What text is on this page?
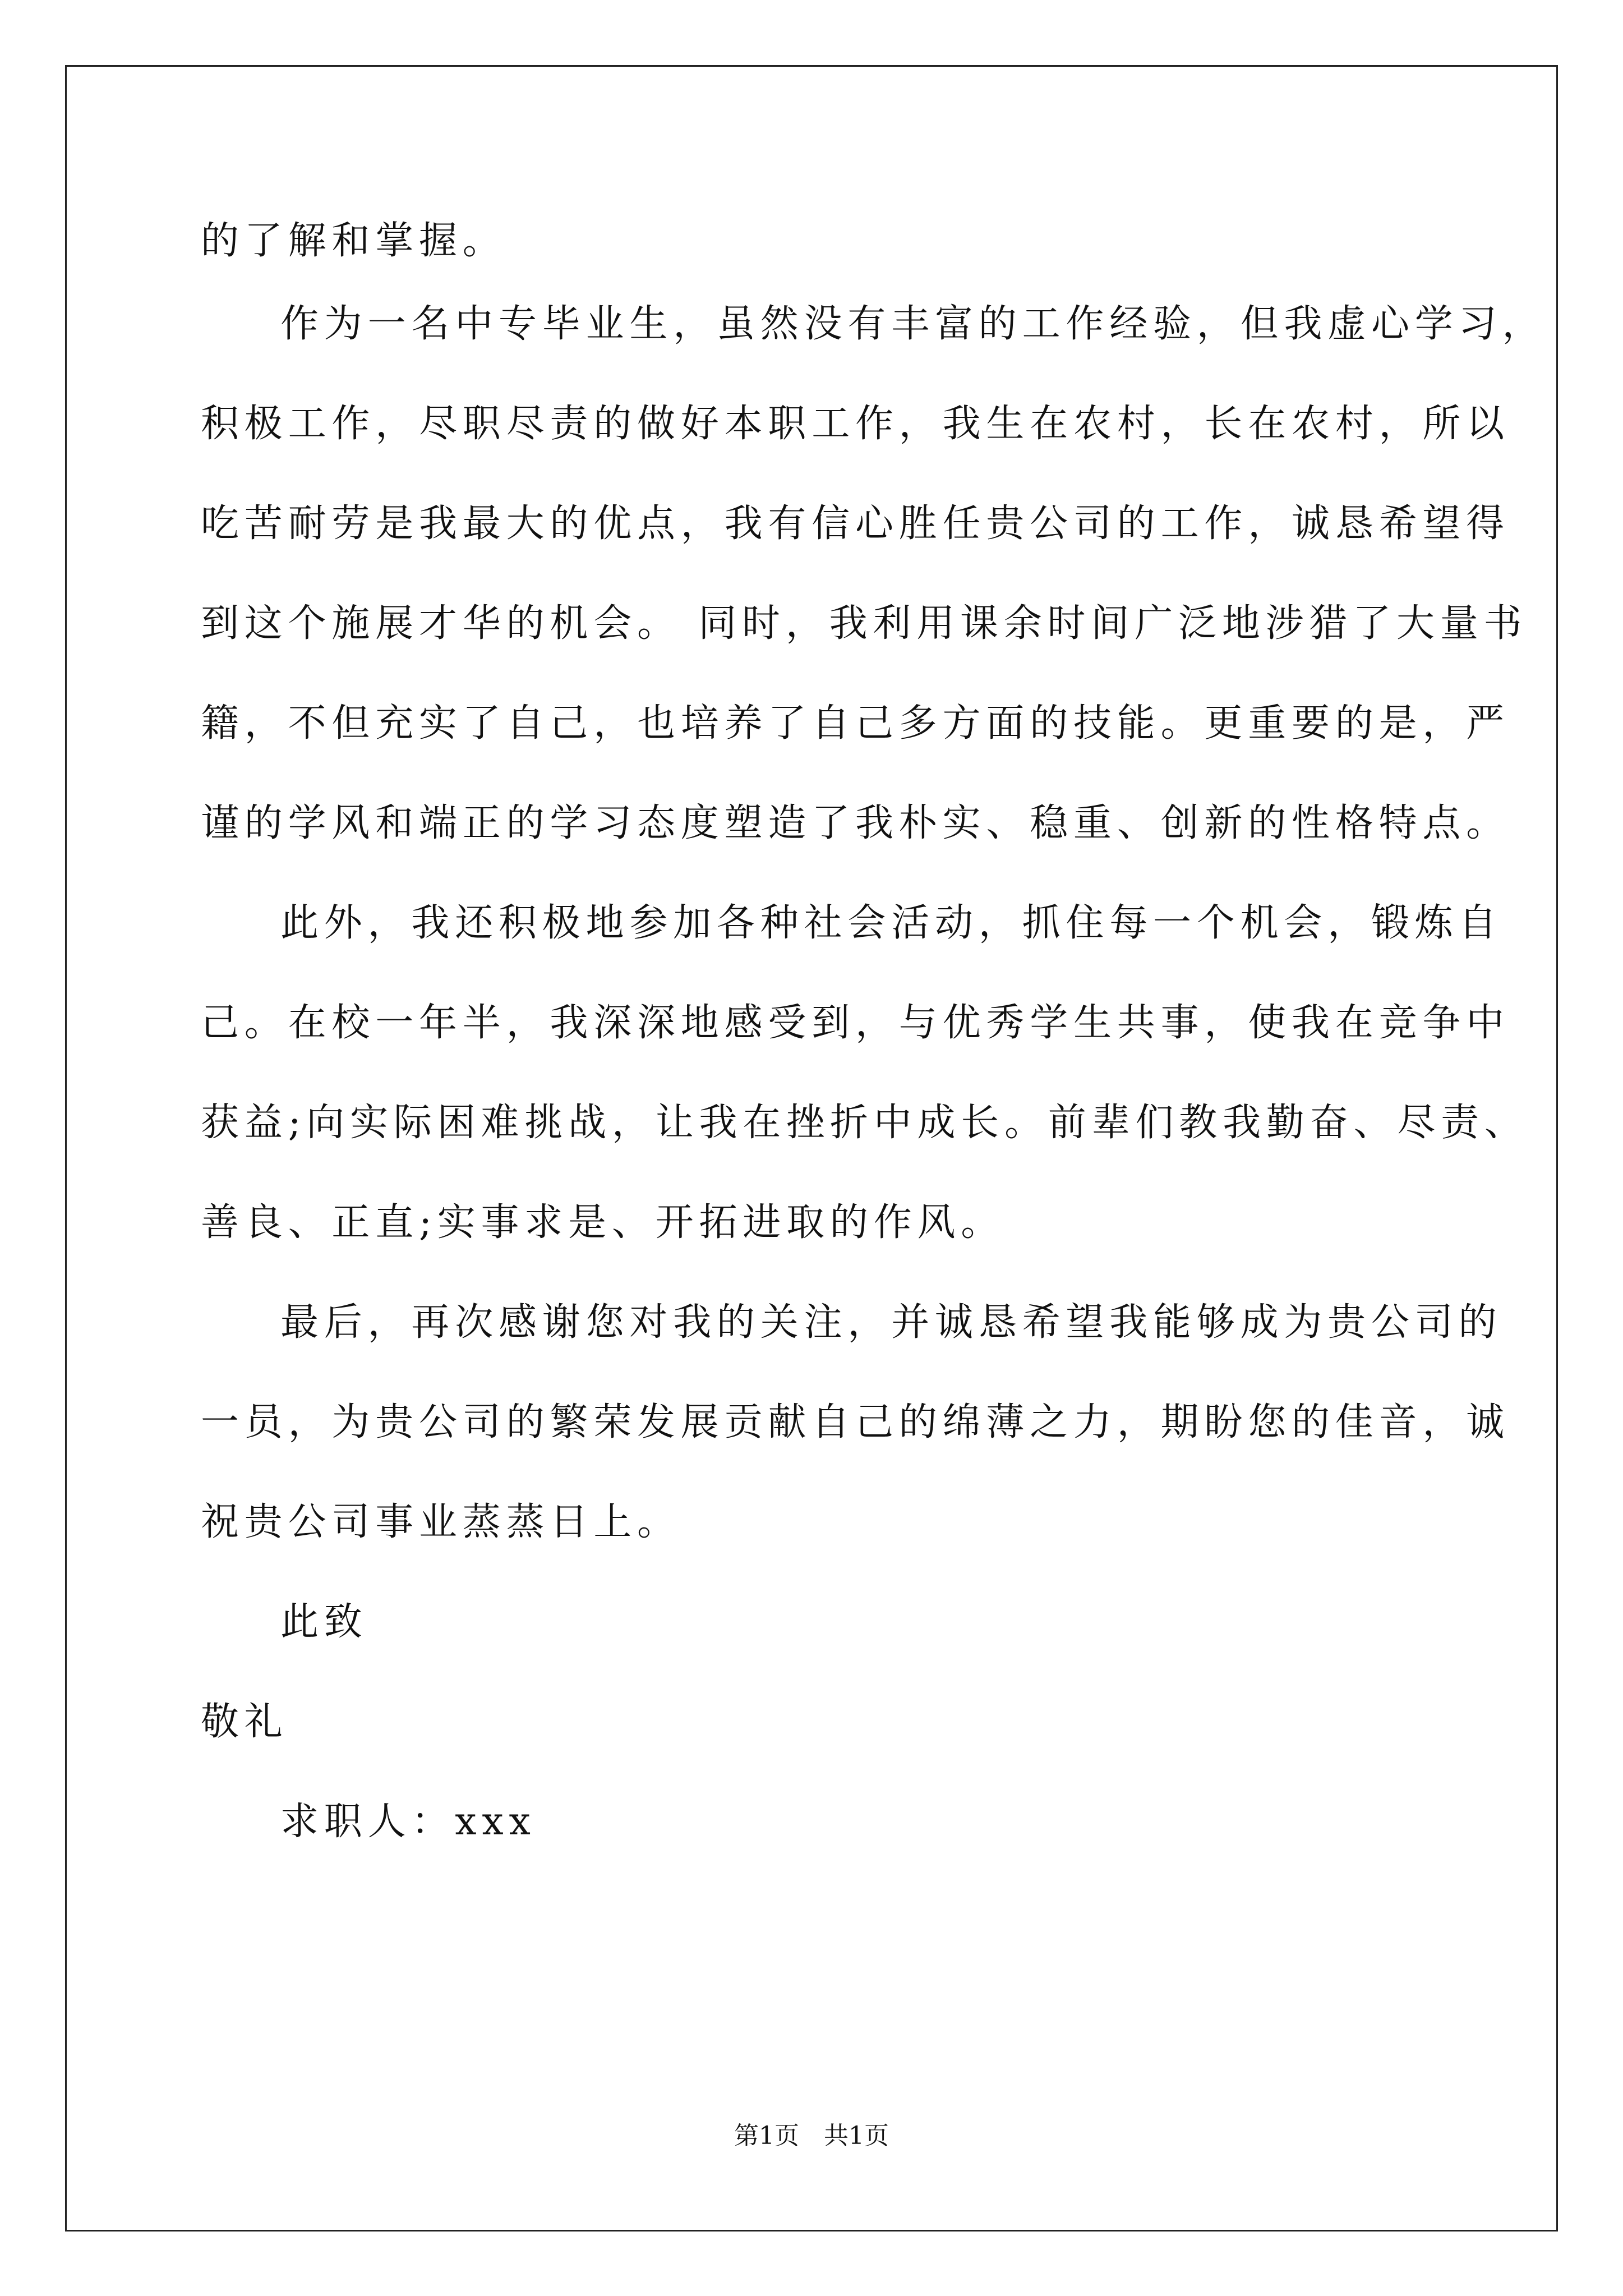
的了解和掌握。

作为一名中专毕业生，虽然没有丰富的工作经验，但我虚心学习，

积极工作，尽职尽责的做好本职工作，我生在农村，长在农村，所以

吃苦耐劳是我最大的优点，我有信心胜任贵公司的工作，诚恳希望得

到这个施展才华的机会。 同时，我利用课余时间广泛地涉猎了大量书

籍，不但充实了自己，也培养了自己多方面的技能。更重要的是，严

谨的学风和端正的学习态度塑造了我朴实、稳重、创新的性格特点。

此外，我还积极地参加各种社会活动，抓住每一个机会，锻炼自

己。在校一年半，我深深地感受到，与优秀学生共事，使我在竞争中

获益;向实际困难挑战，让我在挫折中成长。前辈们教我勤奋、尽责、

善良、正直;实事求是、开拓进取的作风。

最后，再次感谢您对我的关注，并诚恳希望我能够成为贵公司的

一员，为贵公司的繁荣发展贡献自己的绵薄之力，期盼您的佳音，诚

祝贵公司事业蒸蒸日上。

此致

敬礼

求职人：xxx

第1页　共1页
